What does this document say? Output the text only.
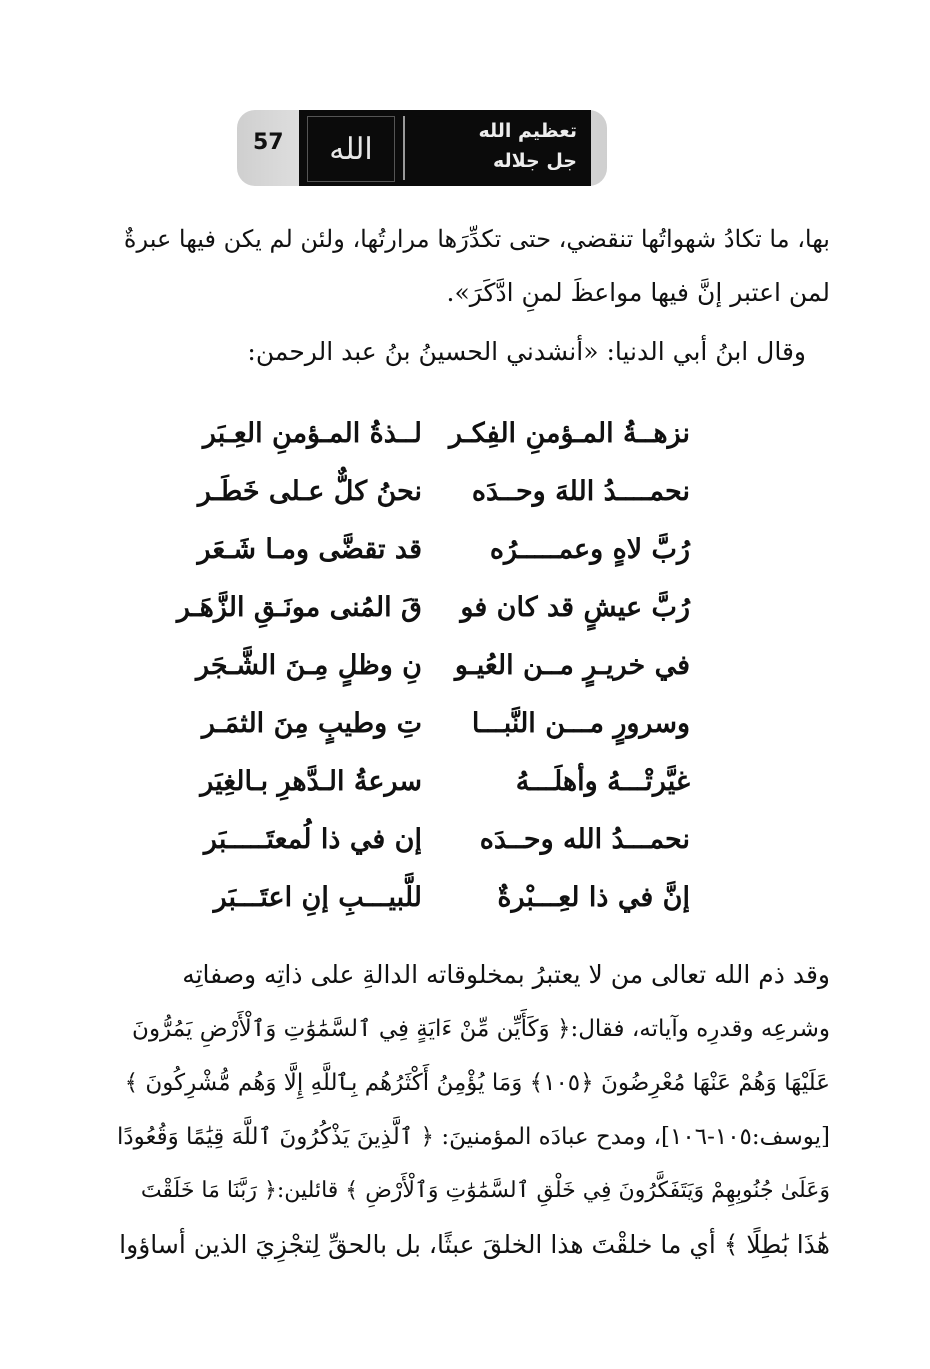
57	الله
تعظيم الله
جل جلاله
بها، ما تكادُ شهواتُها تنقضي، حتى تكدِّرَها مرارتُها، ولئن لم يكن فيها عبرةٌ
لمن اعتبر إنَّ فيها مواعظَ لمنِ ادَّكَرَ».
وقال ابنُ أبي الدنيا: «أنشدني الحسينُ بنُ عبد الرحمن:
نزهــةُ المـؤمنِ الفِكـر
لــذةُ المـؤمنِ العِـبَر
نحمــــدُ اللهَ وحــدَه
نحنُ كلٌّ عـلى خَطَـر
رُبَّ لاهٍ وعمـــــرُه
قد تقضَّى ومـا شَـعَر
رُبَّ عيشٍ قد كان فو
قَ المُنى مونَـقِ الزَّهَـر
في خريـرٍ مــن العُيـو
نِ وظلٍ مِـنَ الشَّـجَر
وسرورٍ مـــن النَّبـــا
تِ وطيبٍ مِنَ الثمَـر
غيَّرتْـــهُ وأهلَـــهُ
سرعةُ الـدَّهرِ بـالغِيَر
نحمـــدُ الله وحــدَه
إن في ذا لُمعتَـــــبَر
إنَّ في ذا لعِـــبْرةٌ
للَّبيـــبِ إنِ اعتَـــبَر
وقد ذم الله تعالى من لا يعتبرُ بمخلوقاته الدالةِ على ذاتِه وصفاتِه
وشرعِه وقدرِه وآياته، فقال:﴿ وَكَأَيِّن مِّنْ ءَايَةٍ فِي ٱلسَّمَٰوَٰتِ وَٱلْأَرْضِ يَمُرُّونَ
عَلَيْهَا وَهُمْ عَنْهَا مُعْرِضُونَ ﴿١٠٥﴾ وَمَا يُؤْمِنُ أَكْثَرُهُم بِٱللَّهِ إِلَّا وَهُم مُّشْرِكُونَ ﴾
[يوسف:١٠٥-١٠٦]، ومدح عبادَه المؤمنينَ: ﴿ ٱلَّذِينَ يَذْكُرُونَ ٱللَّهَ قِيَٰمًا وَقُعُودًا
وَعَلَىٰ جُنُوبِهِمْ وَيَتَفَكَّرُونَ فِي خَلْقِ ٱلسَّمَٰوَٰتِ وَٱلْأَرْضِ ﴾ قائلين:﴿ رَبَّنَا مَا خَلَقْتَ
هَٰذَا بَٰطِلًا ﴾ أي ما خلقْتَ هذا الخلقَ عبثًا، بل بالحقِّ لِتجْزِيَ الذين أساؤوا
